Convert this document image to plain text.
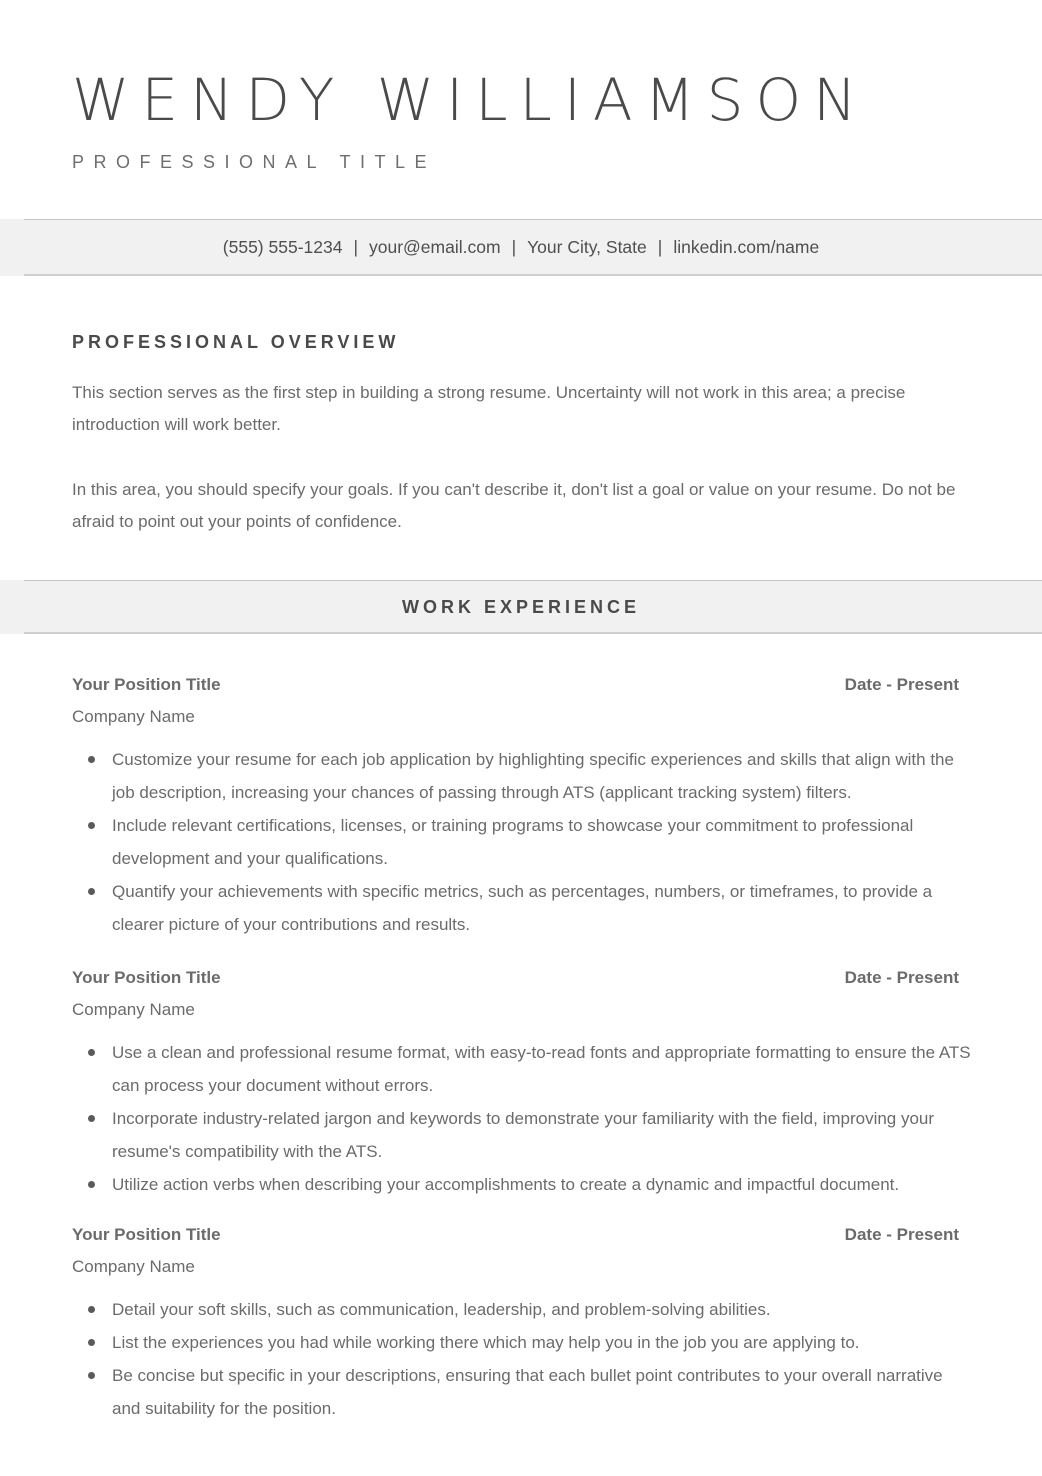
WENDY WILLIAMSON

PROFESSIONAL TITLE

(555) 555-1234 | your@email.com | Your City, State | linkedin.com/name
PROFESSIONAL OVERVIEW

This section serves as the first step in building a strong resume. Uncertainty will not work in this area; a precise introduction will work better.

In this area, you should specify your goals. If you can't describe it, don't list a goal or value on your resume. Do not be afraid to point out your points of confidence.

WORK EXPERIENCE
Your Position Title	Date - Present
Company Name
Customize your resume for each job application by highlighting specific experiences and skills that align with the job description, increasing your chances of passing through ATS (applicant tracking system) filters.
Include relevant certifications, licenses, or training programs to showcase your commitment to professional development and your qualifications.
Quantify your achievements with specific metrics, such as percentages, numbers, or timeframes, to provide a clearer picture of your contributions and results.
Your Position Title	Date - Present
Company Name
Use a clean and professional resume format, with easy-to-read fonts and appropriate formatting to ensure the ATS can process your document without errors.
Incorporate industry-related jargon and keywords to demonstrate your familiarity with the field, improving your resume's compatibility with the ATS.
Utilize action verbs when describing your accomplishments to create a dynamic and impactful document.
Your Position Title	Date - Present
Company Name
Detail your soft skills, such as communication, leadership, and problem-solving abilities.
List the experiences you had while working there which may help you in the job you are applying to.
Be concise but specific in your descriptions, ensuring that each bullet point contributes to your overall narrative and suitability for the position.
